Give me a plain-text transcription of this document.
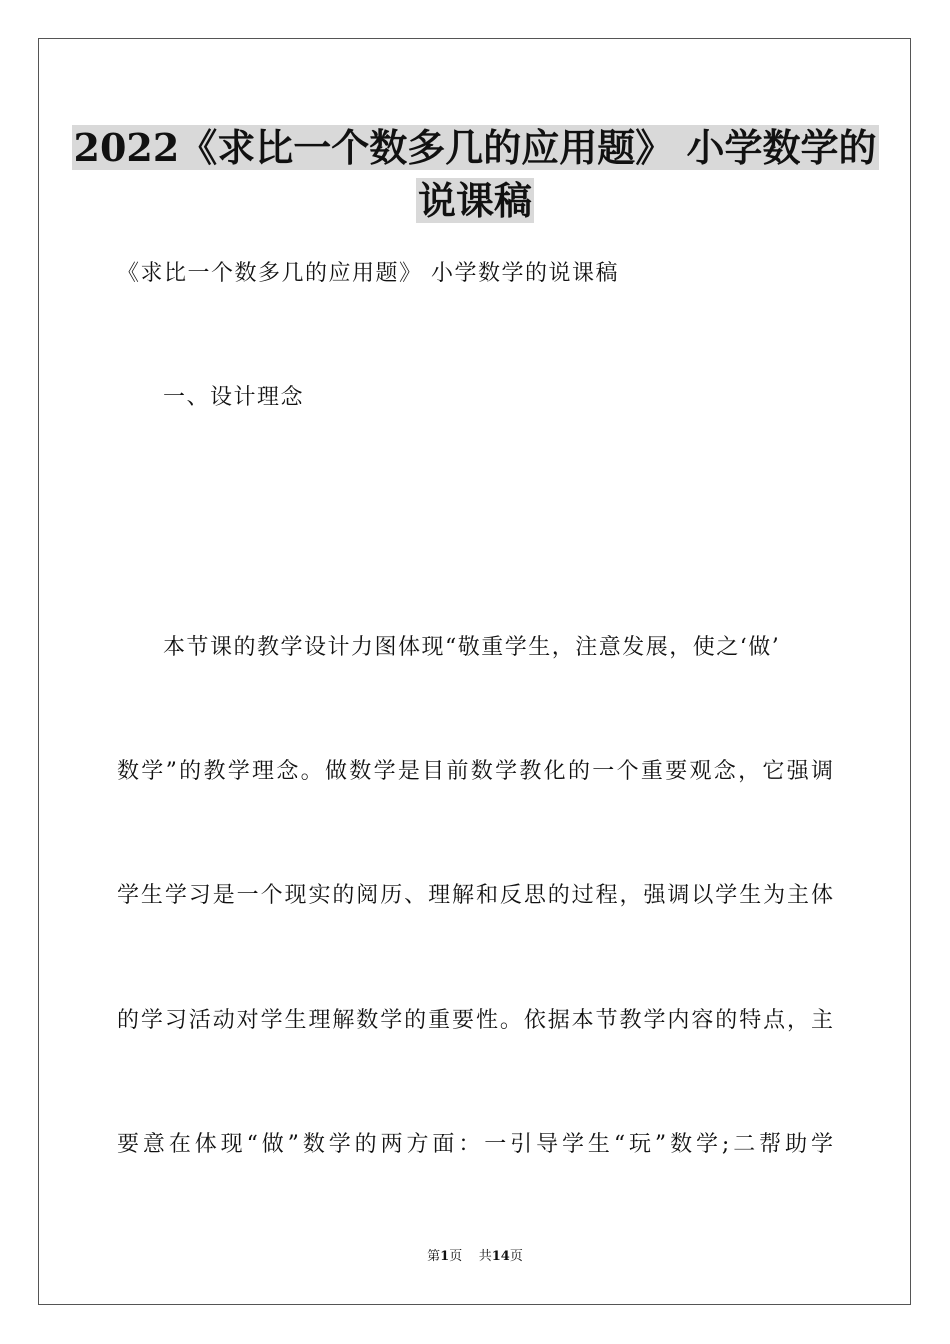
2022《求比一个数多几的应用题》 小学数学的
说课稿

《求比一个数多几的应用题》 小学数学的说课稿

一、设计理念

本节课的教学设计力图体现“敬重学生，注意发展，使之‘做’

数学”的教学理念。做数学是目前数学教化的一个重要观念，它强调

学生学习是一个现实的阅历、理解和反思的过程，强调以学生为主体

的学习活动对学生理解数学的重要性。依据本节教学内容的特点，主

要意在体现“做”数学的两方面：一引导学生“玩”数学;二帮助学

第1页 共14页
